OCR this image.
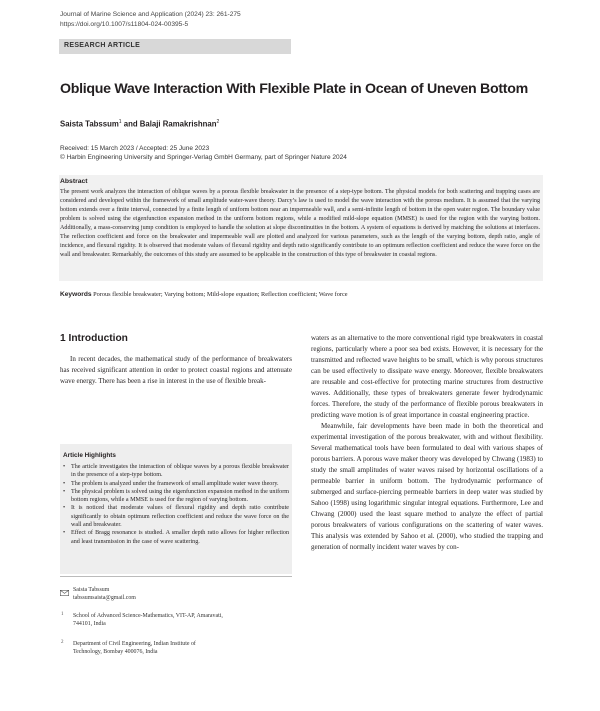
Journal of Marine Science and Application (2024) 23: 261-275
https://doi.org/10.1007/s11804-024-00395-5
RESEARCH ARTICLE
Oblique Wave Interaction With Flexible Plate in Ocean of Uneven Bottom
Saista Tabssum$^1$ and Balaji Ramakrishnan$^2$
Received: 15 March 2023 / Accepted: 25 June 2023
© Harbin Engineering University and Springer-Verlag GmbH Germany, part of Springer Nature 2024
Abstract
The present work analyzes the interaction of oblique waves by a porous flexible breakwater in the presence of a step-type bottom. The physical models for both scattering and trapping cases are considered and developed within the framework of small amplitude water-wave theory. Darcy’s law is used to model the wave interaction with the porous medium. It is assumed that the varying bottom extends over a finite interval, connected by a finite length of uniform bottom near an impermeable wall, and a semi-infinite length of bottom in the open water region. The boundary value problem is solved using the eigenfunction expansion method in the uniform bottom regions, while a modified mild-slope equation (MMSE) is used for the region with the varying bottom. Additionally, a mass-conserving jump condition is employed to handle the solution at slope discontinuities in the bottom. A system of equations is derived by matching the solutions at interfaces. The reflection coefficient and force on the breakwater and impermeable wall are plotted and analyzed for various parameters, such as the length of the varying bottom, depth ratio, angle of incidence, and flexural rigidity. It is observed that moderate values of flexural rigidity and depth ratio significantly contribute to an optimum reflection coefficient and reduce the wave force on the wall and breakwater. Remarkably, the outcomes of this study are assumed to be applicable in the construction of this type of breakwater in coastal regions.
Keywords Porous flexible breakwater; Varying bottom; Mild-slope equation; Reflection coefficient; Wave force
1 Introduction

In recent decades, the mathematical study of the performance of breakwaters has received significant attention in order to protect coastal regions and attenuate wave energy. There has been a rise in interest in the use of flexible break-

Article Highlights
• The article investigates the interaction of oblique waves by a porous flexible breakwater in the presence of a step-type bottom.
• The problem is analyzed under the framework of small amplitude water wave theory.
• The physical problem is solved using the eigenfunction expansion method in the uniform bottom regions, while a MMSE is used for the region of varying bottom.
• It is noticed that moderate values of flexural rigidity and depth ratio contribute significantly to obtain optimum reflection coefficient and reduce the wave force on the wall and breakwater.
• Effect of Bragg resonance is studied. A smaller depth ratio allows for higher reflection and least transmission in the case of wave scattering.
Saista Tabssum
tabssumsaista@gmail.com
1 School of Advanced Science-Mathematics, VIT-AP, Amaravati, 744101, India
2 Department of Civil Engineering, Indian Institute of Technology, Bombay 400076, India

waters as an alternative to the more conventional rigid type breakwaters in coastal regions, particularly where a poor sea bed exists. However, it is necessary for the transmitted and reflected wave heights to be small, which is why porous structures can be used effectively to dissipate wave energy. Moreover, flexible breakwaters are reusable and cost-effective for protecting marine structures from destructive waves. Additionally, these types of breakwaters generate fewer hydrodynamic forces. Therefore, the study of the performance of flexible porous breakwaters in predicting wave motion is of great importance in coastal engineering practice.

Meanwhile, fair developments have been made in both the theoretical and experimental investigation of the porous breakwater, with and without flexibility. Several mathematical tools have been formulated to deal with various shapes of porous barriers. A porous wave maker theory was developed by Chwang (1983) to study the small amplitudes of water waves raised by horizontal oscillations of a permeable barrier in uniform bottom. The hydrodynamic performance of submerged and surface-piercing permeable barriers in deep water was studied by Sahoo (1998) using logarithmic singular integral equations. Furthermore, Lee and Chwang (2000) used the least square method to analyze the effect of partial porous breakwaters of various configurations on the scattering of water waves. This analysis was extended by Sahoo et al. (2000), who studied the trapping and generation of normally incident water waves by con-
